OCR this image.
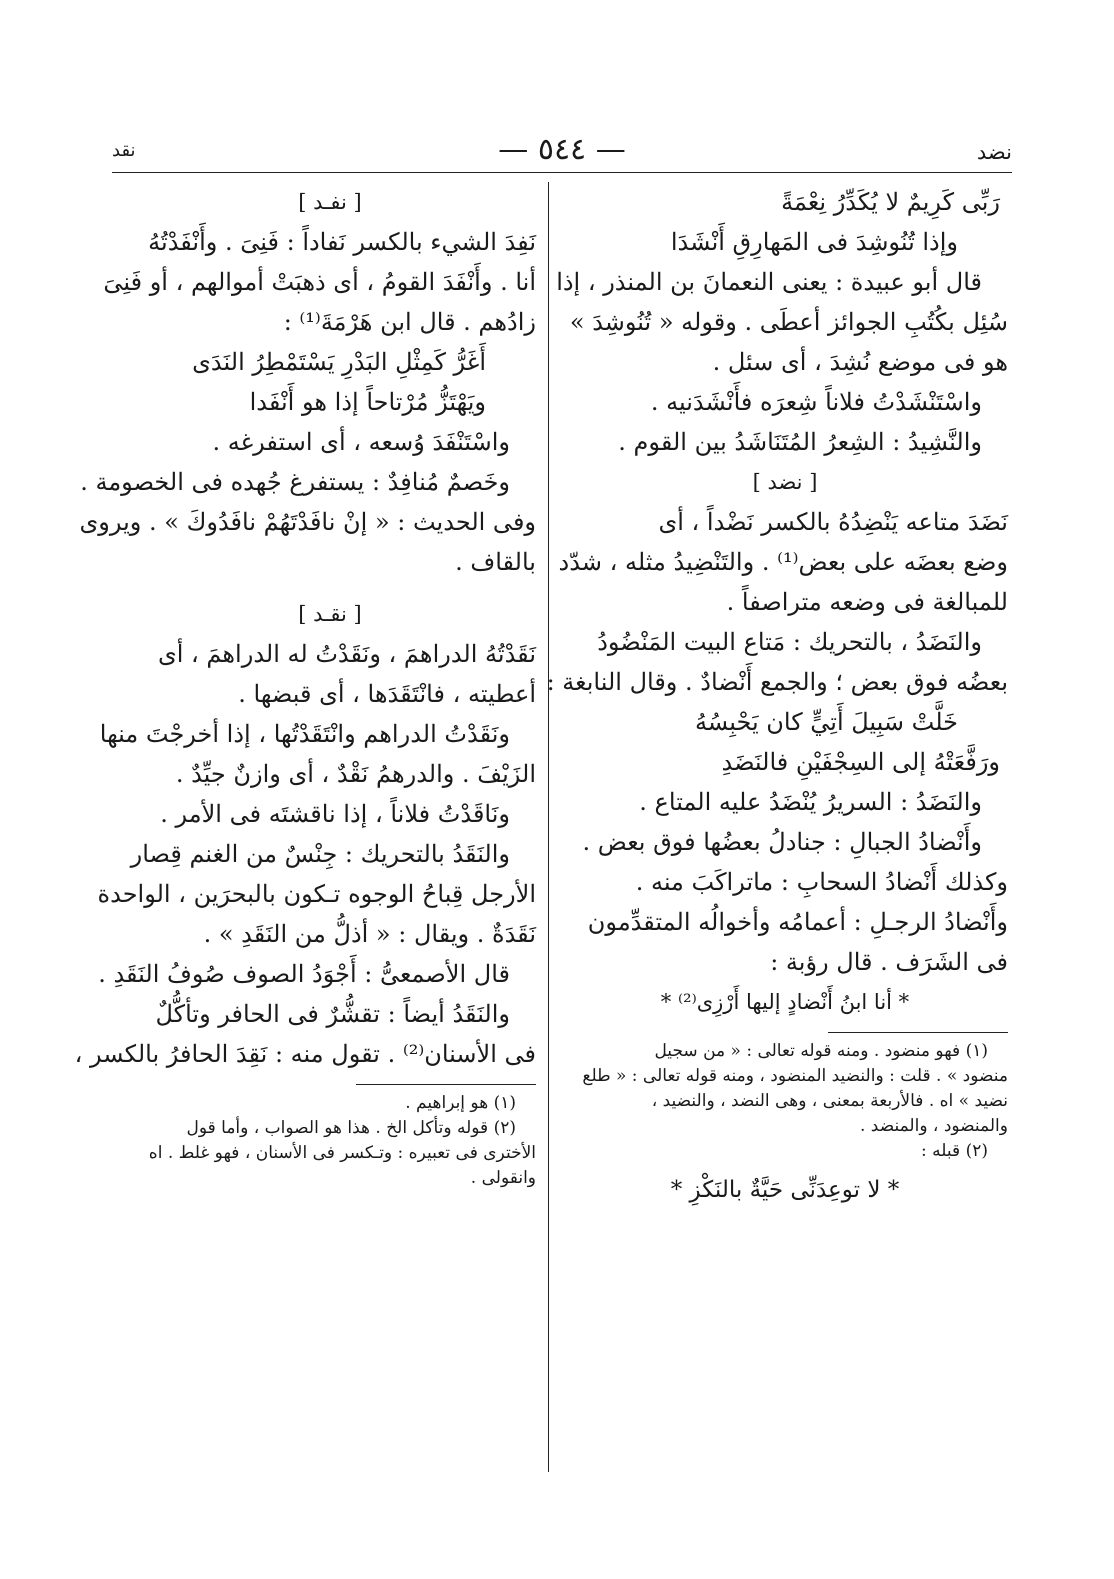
نضد
— ٥٤٤ —
نقد
رَبِّى كَرِيمٌ لا يُكَدِّرُ نِعْمَةً
وإذا تُنُوشِدَ فى المَهارِقِ أَنْشَدَا
قال أبو عبيدة : يعنى النعمانَ بن المنذر ، إذا
سُئِل بكُتُبِ الجوائز أعطَى . وقوله « تُنُوشِدَ »
هو فى موضع نُشِدَ ، أى سئل .
واسْتَنْشَدْتُ فلاناً شِعرَه فأَنْشَدَنيه .
والنَّشِيدُ : الشِعرُ المُتَنَاشَدُ بين القوم .
[ نضد ]
نَضَدَ متاعه يَنْضِدُهُ بالكسر نَضْداً ، أى
وضع بعضَه على بعض⁽¹⁾ . والتَنْضِيدُ مثله ، شدّد
للمبالغة فى وضعه متراصفاً .
والنَضَدُ ، بالتحريك : مَتاع البيت المَنْضُودُ
بعضُه فوق بعض ؛ والجمع أَنْضادٌ . وقال النابغة :
خَلَّتْ سَبِيلَ أَتِيٍّ كان يَحْبِسُهُ
ورَفَّعَتْهُ إلى السِجْفَيْنِ فالنَضَدِ
والنَضَدُ : السريرُ يُنْضَدُ عليه المتاع .
وأَنْضادُ الجبالِ : جنادلُ بعضُها فوق بعض .
وكذلك أَنْضادُ السحابِ : ماتراكَبَ منه .
وأَنْضادُ الرجـلِ : أعمامُه وأخوالُه المتقدِّمون
فى الشَرَف . قال رؤبة :
* أنا ابنُ أَنْضادٍ إليها أَرْزِى⁽²⁾ *
(١) فهو منضود . ومنه قوله تعالى : « من سجيل
منضود » . قلت : والنضيد المنضود ، ومنه قوله تعالى : « طلع
نضيد » اه . فالأربعة بمعنى ، وهى النضد ، والنضيد ،
والمنضود ، والمنضد .
(٢) قبله :
* لا توعِدَنِّى حَيَّةٌ بالنَكْزِ *
[ نفـد ]
نَفِدَ الشيء بالكسر نَفاداً : فَنِىَ . وأَنْفَدْتُهُ
أنا . وأَنْفَدَ القومُ ، أى ذهبَتْ أموالهم ، أو فَنِىَ
زادُهم . قال ابن هَرْمَةَ⁽¹⁾ :
أَغَرُّ كَمِثْلِ البَدْرِ يَسْتَمْطِرُ النَدَى
ويَهْتَزُّ مُرْتاحاً إذا هو أَنْفَدا
واسْتَنْفَدَ وُسعه ، أى استفرغه .
وخَصمٌ مُنافِدٌ : يستفرغ جُهده فى الخصومة .
وفى الحديث : « إنْ نافَدْتَهُمْ نافَدُوكَ » . ويروى
بالقاف .
[ نقـد ]
نَقَدْتُهُ الدراهمَ ، ونَقَدْتُ له الدراهمَ ، أى
أعطيته ، فانْتَقَدَها ، أى قبضها .
ونَقَدْتُ الدراهم وانْتَقَدْتُها ، إذا أخرجْتَ منها
الزَيْفَ . والدرهمُ نَقْدٌ ، أى وازنٌ جيِّدٌ .
ونَاقَدْتُ فلاناً ، إذا ناقشتَه فى الأمر .
والنَقَدُ بالتحريك : جِنْسٌ من الغنم قِصار
الأرجل قِباحُ الوجوه تـكون بالبحرَين ، الواحدة
نَقَدَةٌ . ويقال : « أذلُّ من النَقَدِ » .
قال الأصمعىُّ : أَجْوَدُ الصوف صُوفُ النَقَدِ .
والنَقَدُ أيضاً : تقشُّرٌ فى الحافر وتأكُّلٌ
فى الأسنان⁽²⁾ . تقول منه : نَقِدَ الحافرُ بالكسر ،
(١) هو إبراهيم .
(٢) قوله وتأكل الخ . هذا هو الصواب ، وأما قول
الأخترى فى تعبيره : وتـكسر فى الأسنان ، فهو غلط . اه
وانقولى .
